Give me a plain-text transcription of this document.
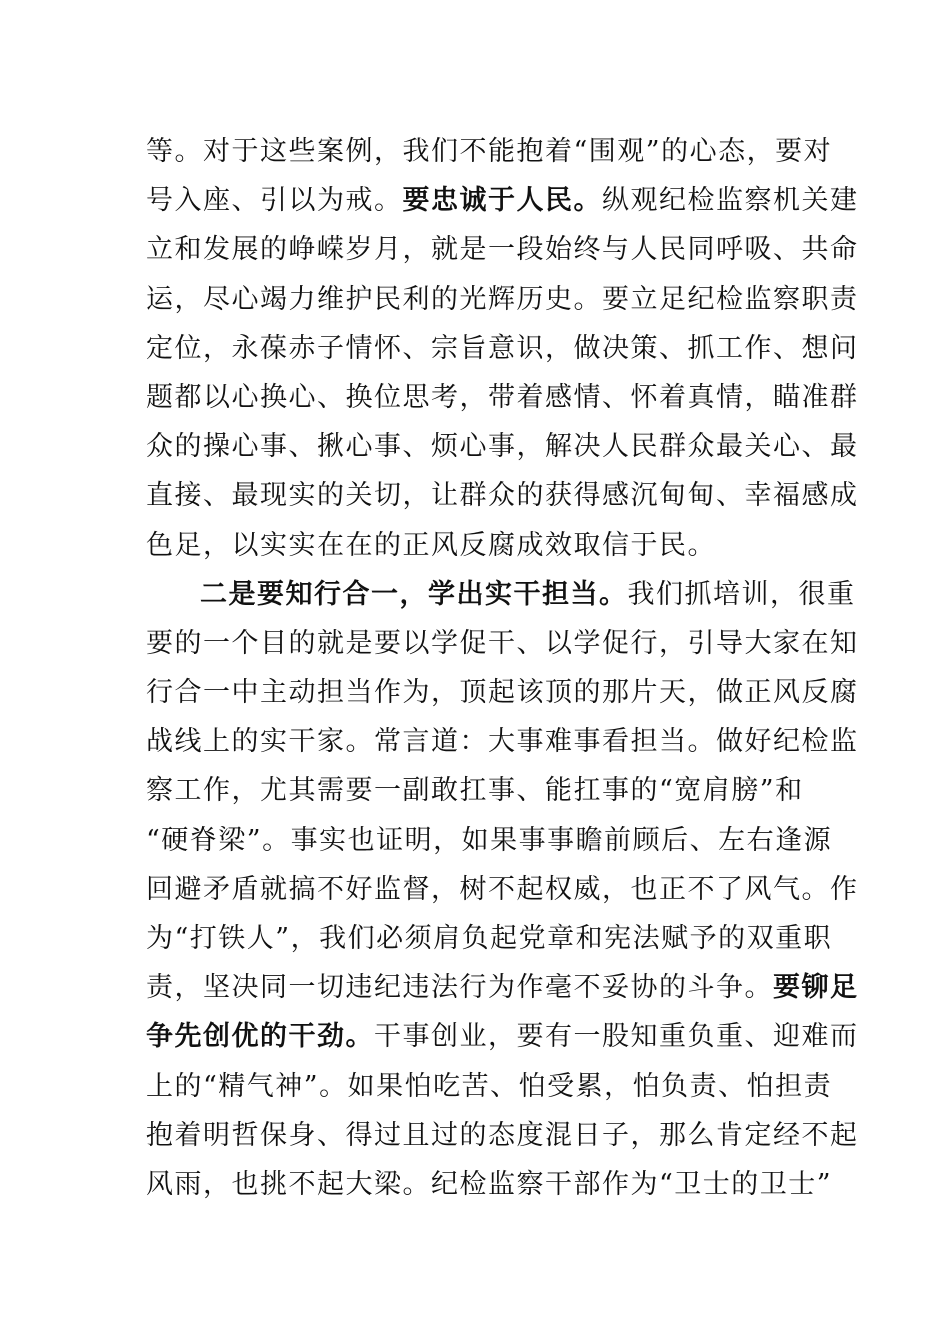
等。对于这些案例，我们不能抱着“围观”的心态，要对
号入座、引以为戒。要忠诚于人民。纵观纪检监察机关建
立和发展的峥嵘岁月，就是一段始终与人民同呼吸、共命
运，尽心竭力维护民利的光辉历史。要立足纪检监察职责
定位，永葆赤子情怀、宗旨意识，做决策、抓工作、想问
题都以心换心、换位思考，带着感情、怀着真情，瞄准群
众的操心事、揪心事、烦心事，解决人民群众最关心、最
直接、最现实的关切，让群众的获得感沉甸甸、幸福感成
色足，以实实在在的正风反腐成效取信于民。
二是要知行合一，学出实干担当。我们抓培训，很重
要的一个目的就是要以学促干、以学促行，引导大家在知
行合一中主动担当作为，顶起该顶的那片天，做正风反腐
战线上的实干家。常言道：大事难事看担当。做好纪检监
察工作，尤其需要一副敢扛事、能扛事的“宽肩膀”和
“硬脊梁”。事实也证明，如果事事瞻前顾后、左右逢源
回避矛盾就搞不好监督，树不起权威，也正不了风气。作
为“打铁人”，我们必须肩负起党章和宪法赋予的双重职
责，坚决同一切违纪违法行为作毫不妥协的斗争。要铆足
争先创优的干劲。干事创业，要有一股知重负重、迎难而
上的“精气神”。如果怕吃苦、怕受累，怕负责、怕担责
抱着明哲保身、得过且过的态度混日子，那么肯定经不起
风雨，也挑不起大梁。纪检监察干部作为“卫士的卫士”
